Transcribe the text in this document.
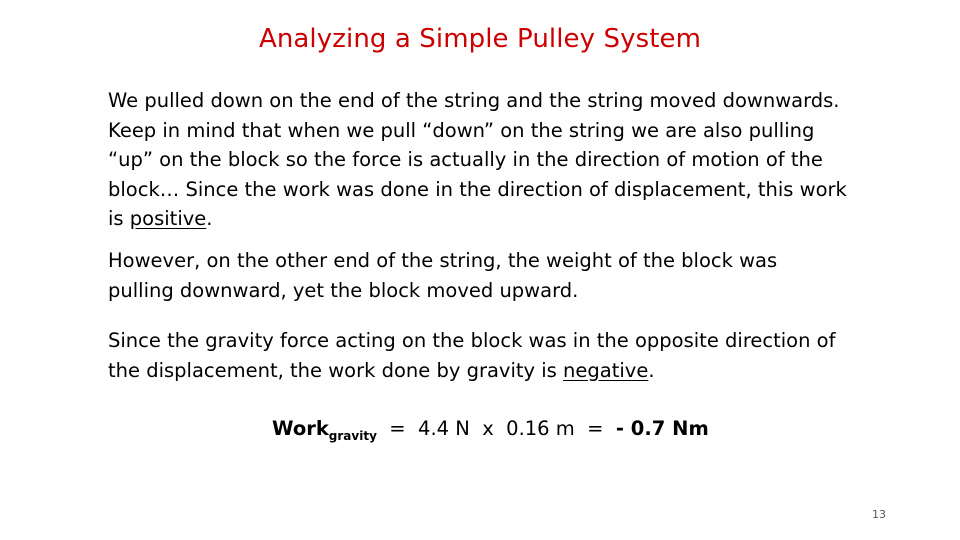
Analyzing a Simple Pulley System
We pulled down on the end of the string and the string moved downwards. Keep in mind that when we pull “down” on the string we are also pulling “up” on the block so the force is actually in the direction of motion of the block… Since the work was done in the direction of displacement, this work is positive.
However, on the other end of the string, the weight of the block was pulling downward, yet the block moved upward.
Since the gravity force acting on the block was in the opposite direction of the displacement, the work done by gravity is negative.
Work$_{gravity}$  =  4.4 N  x  0.16 m  =  - 0.7 Nm
13
